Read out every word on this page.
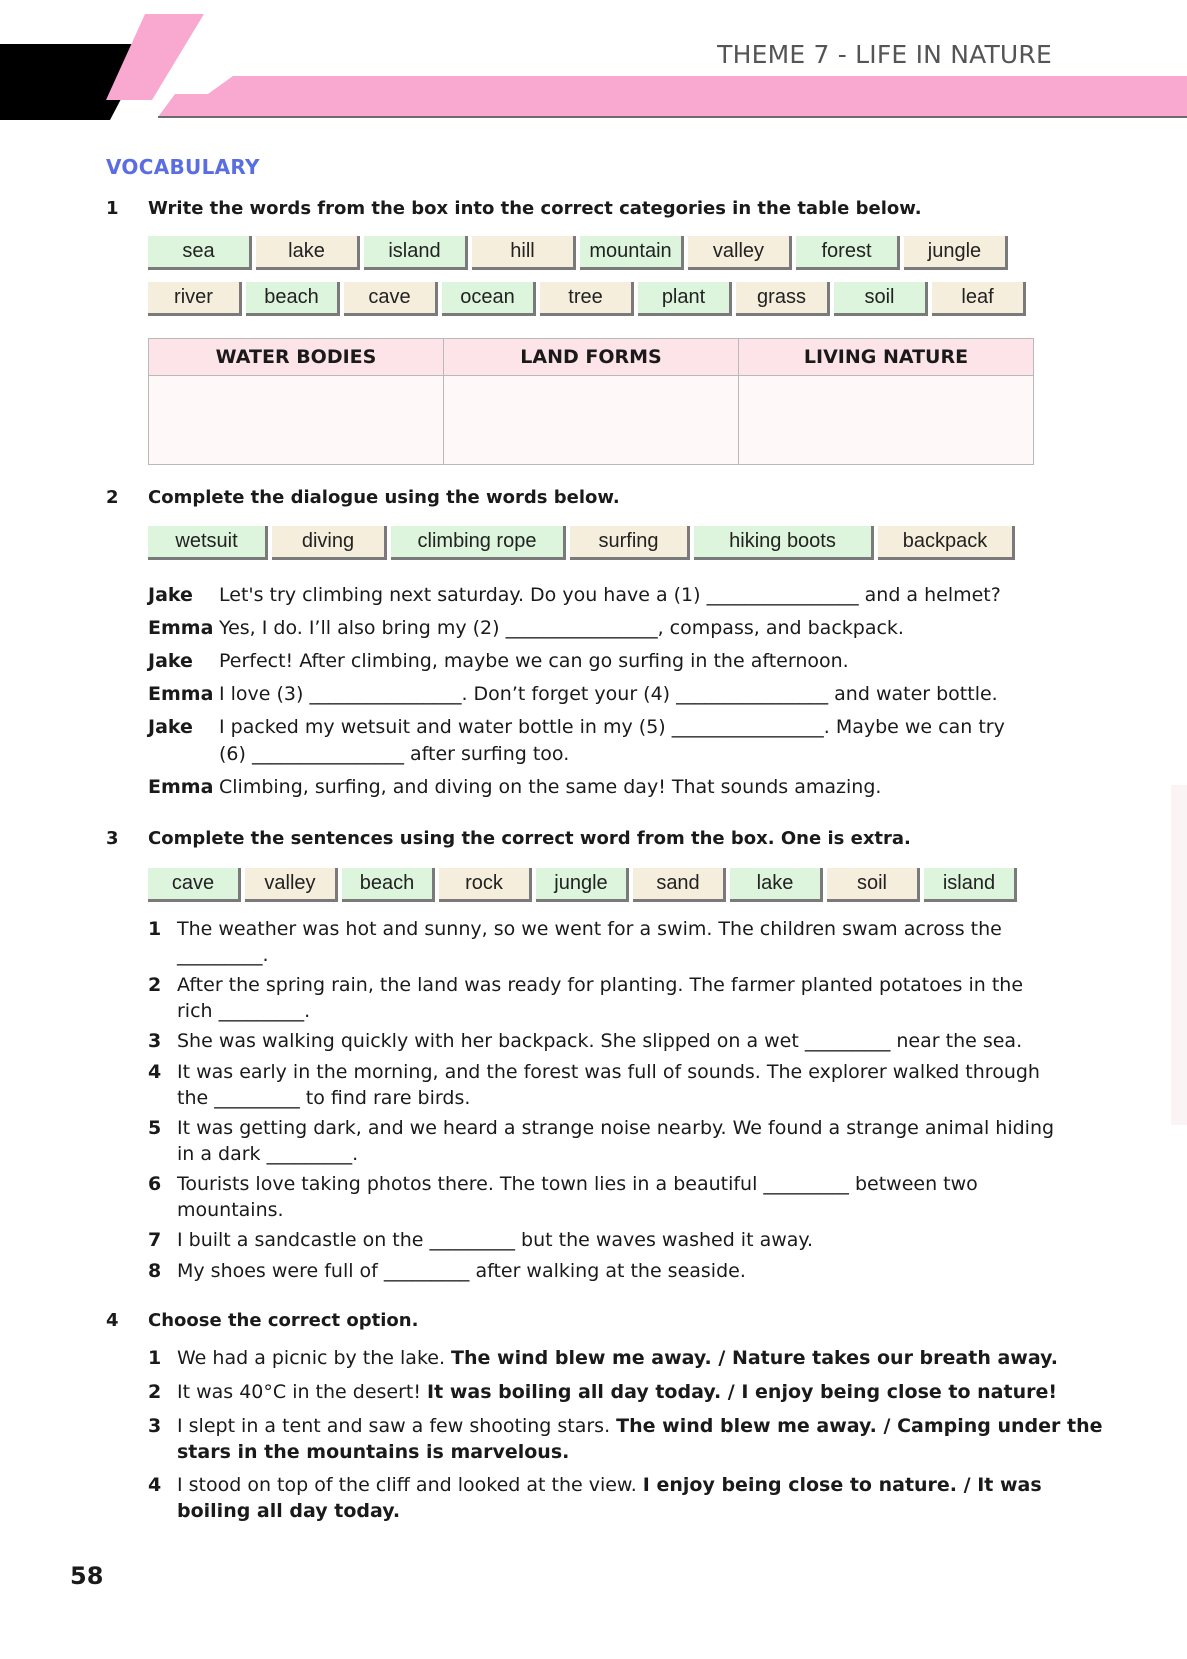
THEME 7 - LIFE IN NATURE
VOCABULARY
1 Write the words from the box into the correct categories in the table below.
sea	lake	island	hill	mountain	valley	forest	jungle
river	beach	cave	ocean	tree	plant	grass	soil	leaf
WATER BODIES	LAND FORMS	LIVING NATURE

2 Complete the dialogue using the words below.
wetsuit	diving	climbing rope	surfing	hiking boots	backpack
Jake Let's try climbing next saturday. Do you have a (1) ________________ and a helmet?
Emma Yes, I do. I’ll also bring my (2) ________________, compass, and backpack.
Jake Perfect! After climbing, maybe we can go surfing in the afternoon.
Emma I love (3) ________________. Don’t forget your (4) ________________ and water bottle.
Jake I packed my wetsuit and water bottle in my (5) ________________. Maybe we can try
(6) ________________ after surfing too.
Emma Climbing, surfing, and diving on the same day! That sounds amazing.
3 Complete the sentences using the correct word from the box. One is extra.
cave	valley	beach	rock	jungle	sand	lake	soil	island
1 The weather was hot and sunny, so we went for a swim. The children swam across the
_________.
2 After the spring rain, the land was ready for planting. The farmer planted potatoes in the
rich _________.
3 She was walking quickly with her backpack. She slipped on a wet _________ near the sea.
4 It was early in the morning, and the forest was full of sounds. The explorer walked through
the _________ to find rare birds.
5 It was getting dark, and we heard a strange noise nearby. We found a strange animal hiding
in a dark _________.
6 Tourists love taking photos there. The town lies in a beautiful _________ between two
mountains.
7 I built a sandcastle on the _________ but the waves washed it away.
8 My shoes were full of _________ after walking at the seaside.
4 Choose the correct option.
1 We had a picnic by the lake. The wind blew me away. / Nature takes our breath away.
2 It was 40°C in the desert! It was boiling all day today. / I enjoy being close to nature!
3 I slept in a tent and saw a few shooting stars. The wind blew me away. / Camping under the
stars in the mountains is marvelous.
4 I stood on top of the cliff and looked at the view. I enjoy being close to nature. / It was
boiling all day today.
58
